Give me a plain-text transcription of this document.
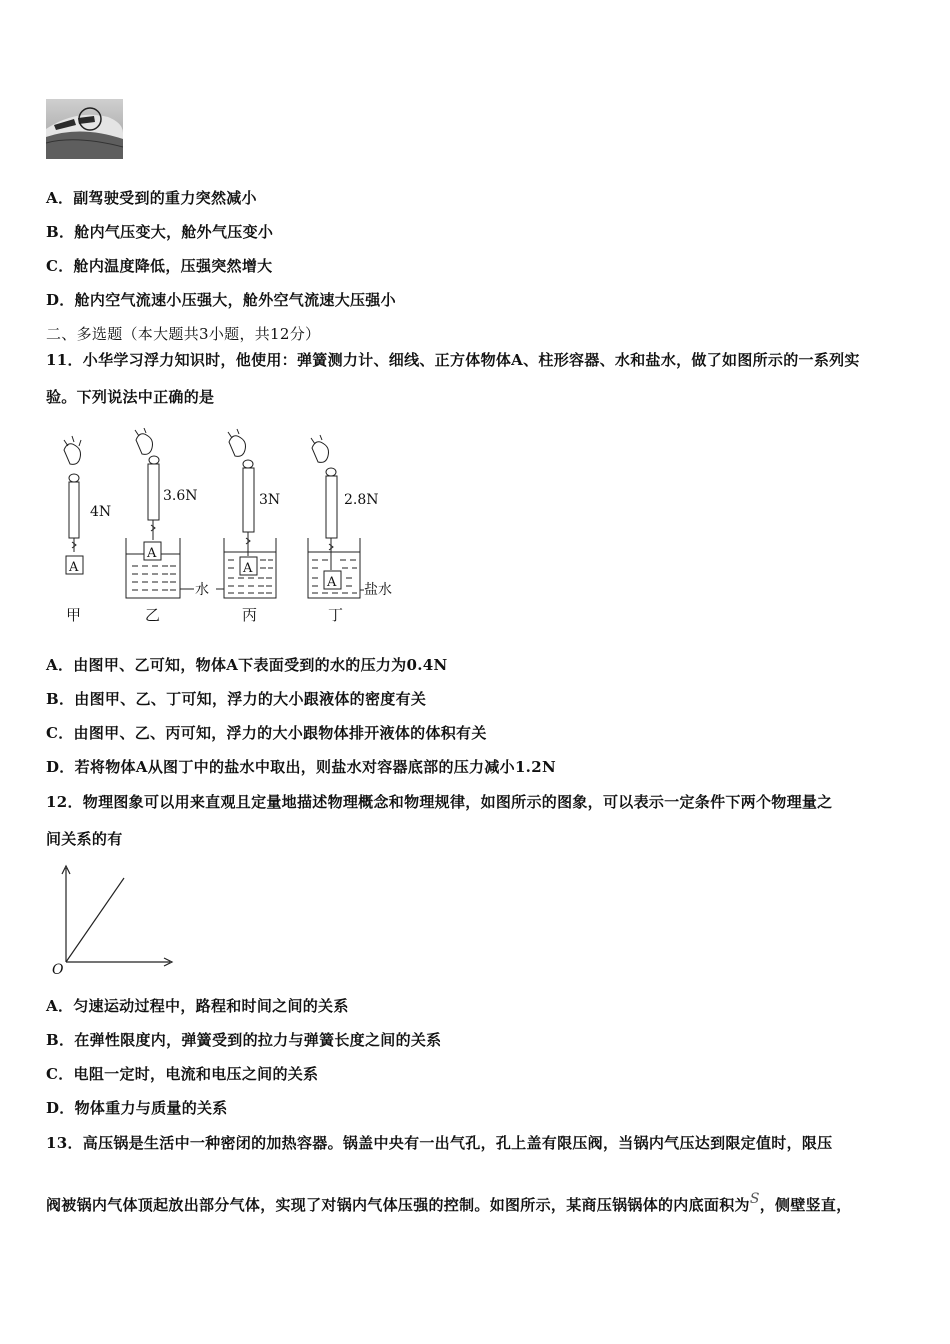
A．副驾驶受到的重力突然减小
B．舱内气压变大，舱外气压变小
C．舱内温度降低，压强突然增大
D．舱内空气流速小压强大，舱外空气流速大压强小
二、多选题（本大题共3小题，共12分）
11．小华学习浮力知识时，他使用：弹簧测力计、细线、正方体物体A、柱形容器、水和盐水，做了如图所示的一系列实
验。下列说法中正确的是
4N
A
甲
3.6N
A
乙
水
3N
A
丙
2.8N
A 盐水
丁
A．由图甲、乙可知，物体A下表面受到的水的压力为0.4N
B．由图甲、乙、丁可知，浮力的大小跟液体的密度有关
C．由图甲、乙、丙可知，浮力的大小跟物体排开液体的体积有关
D．若将物体A从图丁中的盐水中取出，则盐水对容器底部的压力减小1.2N
12．物理图象可以用来直观且定量地描述物理概念和物理规律，如图所示的图象，可以表示一定条件下两个物理量之
间关系的有
O
A．匀速运动过程中，路程和时间之间的关系
B．在弹性限度内，弹簧受到的拉力与弹簧长度之间的关系
C．电阻一定时，电流和电压之间的关系
D．物体重力与质量的关系
13．高压锅是生活中一种密闭的加热容器。锅盖中央有一出气孔，孔上盖有限压阀，当锅内气压达到限定值时，限压
阀被锅内气体顶起放出部分气体，实现了对锅内气体压强的控制。如图所示，某商压锅锅体的内底面积为S，侧壁竖直，
